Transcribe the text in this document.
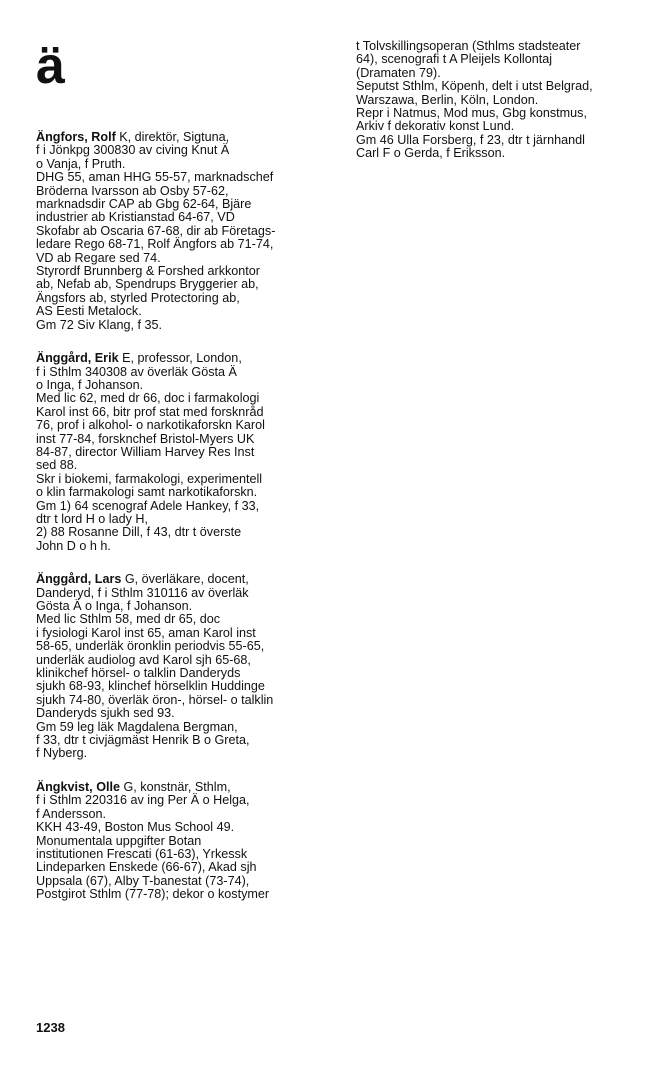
ä
Ängfors, Rolf K, direktör, Sigtuna,
f i Jönkpg 300830 av civing Knut Ä
o Vanja, f Pruth.
DHG 55, aman HHG 55-57, marknadschef
Bröderna Ivarsson ab Osby 57-62,
marknadsdir CAP ab Gbg 62-64, Bjäre
industrier ab Kristianstad 64-67, VD
Skofabr ab Oscaria 67-68, dir ab Företags-
ledare Rego 68-71, Rolf Ängfors ab 71-74,
VD ab Regare sed 74.
Styrordf Brunnberg & Forshed arkkontor
ab, Nefab ab, Spendrups Bryggerier ab,
Ängsfors ab, styrled Protectoring ab,
AS Eesti Metalock.
Gm 72 Siv Klang, f 35.
Änggård, Erik E, professor, London,
f i Sthlm 340308 av överläk Gösta Ä
o Inga, f Johanson.
Med lic 62, med dr 66, doc i farmakologi
Karol inst 66, bitr prof stat med forsknråd
76, prof i alkohol- o narkotikaforskn Karol
inst 77-84, forsknchef Bristol-Myers UK
84-87, director William Harvey Res Inst
sed 88.
Skr i biokemi, farmakologi, experimentell
o klin farmakologi samt narkotikaforskn.
Gm 1) 64 scenograf Adele Hankey, f 33,
dtr t lord H o lady H,
2) 88 Rosanne Dill, f 43, dtr t överste
John D o h h.
Änggård, Lars G, överläkare, docent,
Danderyd, f i Sthlm 310116 av överläk
Gösta Ä o Inga, f Johanson.
Med lic Sthlm 58, med dr 65, doc
i fysiologi Karol inst 65, aman Karol inst
58-65, underläk öronklin periodvis 55-65,
underläk audiolog avd Karol sjh 65-68,
klinikchef hörsel- o talklin Danderyds
sjukh 68-93, klinchef hörselklin Huddinge
sjukh 74-80, överläk öron-, hörsel- o talklin
Danderyds sjukh sed 93.
Gm 59 leg läk Magdalena Bergman,
f 33, dtr t civjägmäst Henrik B o Greta,
f Nyberg.
Ängkvist, Olle G, konstnär, Sthlm,
f i Sthlm 220316 av ing Per Ä o Helga,
f Andersson.
KKH 43-49, Boston Mus School 49.
Monumentala uppgifter Botan
institutionen Frescati (61-63), Yrkessk
Lindeparken Enskede (66-67), Akad sjh
Uppsala (67), Alby T-banestat (73-74),
Postgirot Sthlm (77-78); dekor o kostymer
t Tolvskillingsoperan (Sthlms stadsteater
64), scenografi t A Pleijels Kollontaj
(Dramaten 79).
Seputst Sthlm, Köpenh, delt i utst Belgrad,
Warszawa, Berlin, Köln, London.
Repr i Natmus, Mod mus, Gbg konstmus,
Arkiv f dekorativ konst Lund.
Gm 46 Ulla Forsberg, f 23, dtr t järnhandl
Carl F o Gerda, f Eriksson.
1238
